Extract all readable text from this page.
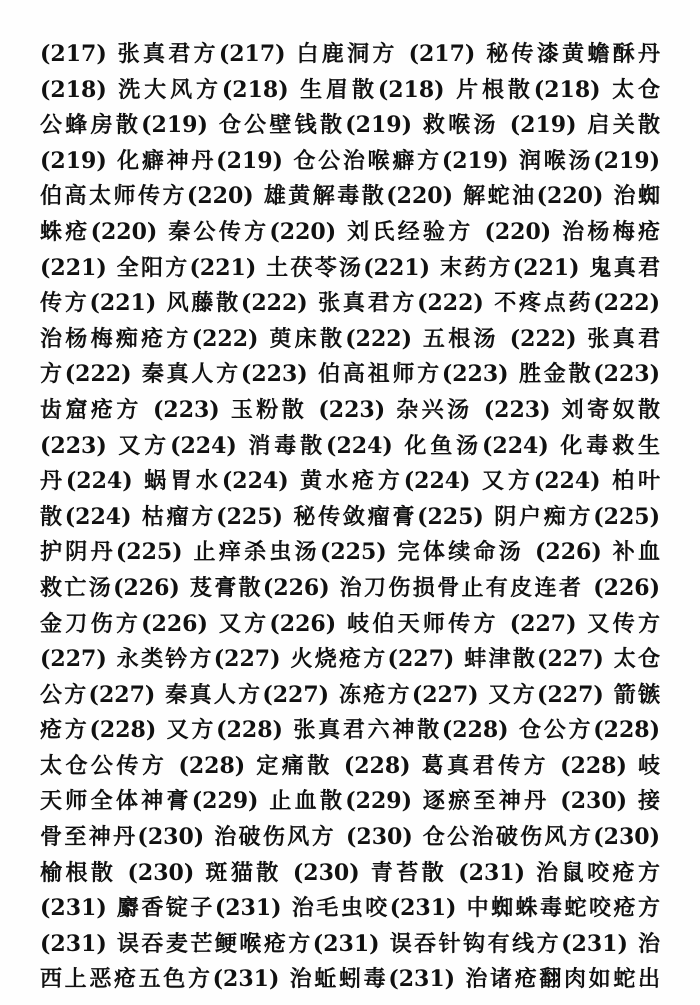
(217) 张真君方(217) 白鹿洞方 (217) 秘传漆黄蟾酥丹
(218) 洗大风方(218) 生眉散(218) 片根散(218) 太仓
公蜂房散(219) 仓公壁钱散(219) 救喉汤 (219) 启关散
(219) 化癖神丹(219) 仓公治喉癖方(219) 润喉汤(219)
伯高太师传方(220) 雄黄解毒散(220) 解蛇油(220) 治蜘
蛛疮(220) 秦公传方(220) 刘氏经验方 (220) 治杨梅疮
(221) 全阳方(221) 土茯苓汤(221) 末药方(221) 鬼真君
传方(221) 风藤散(222) 张真君方(222) 不疼点药(222)
治杨梅痴疮方(222) 萸床散(222) 五根汤 (222) 张真君
方(222) 秦真人方(223) 伯高祖师方(223) 胜金散(223)
齿窟疮方 (223) 玉粉散 (223) 杂兴汤 (223) 刘寄奴散
(223) 又方(224) 消毒散(224) 化鱼汤(224) 化毒救生
丹(224) 蜗胃水(224) 黄水疮方(224) 又方(224) 柏叶
散(224) 枯瘤方(225) 秘传敛瘤膏(225) 阴户痴方(225)
护阴丹(225) 止痒杀虫汤(225) 完体续命汤 (226) 补血
救亡汤(226) 芨膏散(226) 治刀伤损骨止有皮连者 (226)
金刀伤方(226) 又方(226) 岐伯天师传方 (227) 又传方
(227) 永类钤方(227) 火烧疮方(227) 蚌津散(227) 太仓
公方(227) 秦真人方(227) 冻疮方(227) 又方(227) 箭镞
疮方(228) 又方(228) 张真君六神散(228) 仓公方(228)
太仓公传方 (228) 定痛散 (228) 葛真君传方 (228) 岐
天师全体神膏(229) 止血散(229) 逐瘀至神丹 (230) 接
骨至神丹(230) 治破伤风方 (230) 仓公治破伤风方(230)
榆根散 (230) 斑猫散 (230) 青苔散 (231) 治鼠咬疮方
(231) 麝香锭子(231) 治毛虫咬(231) 中蜘蛛毒蛇咬疮方
(231) 误吞麦芒鲠喉疮方(231) 误吞针钩有线方(231) 治
西上恶疮五色方(231) 治蚯蚓毒(231) 治诸疮翻肉如蛇出
